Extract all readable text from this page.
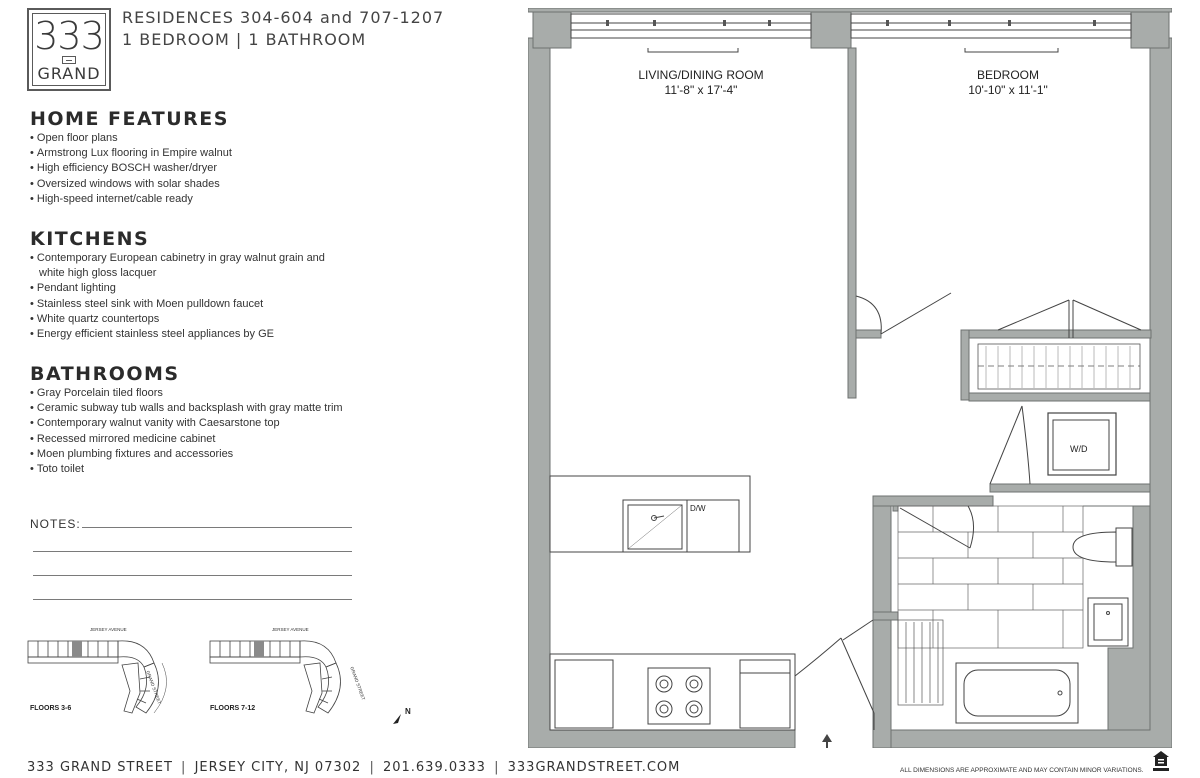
333
GRAND
RESIDENCES 304-604 and 707-1207
1 BEDROOM | 1 BATHROOM
HOME FEATURES
• Open floor plans
• Armstrong Lux flooring in Empire walnut
• High efficiency BOSCH washer/dryer
• Oversized windows with solar shades
• High-speed internet/cable ready
KITCHENS
• Contemporary European cabinetry in gray walnut grain and
white high gloss lacquer
• Pendant lighting
• Stainless steel sink with Moen pulldown faucet
• White quartz countertops
• Energy efficient stainless steel appliances by GE
BATHROOMS
• Gray Porcelain tiled floors
• Ceramic subway tub walls and backsplash with gray matte trim
• Contemporary walnut vanity with Caesarstone top
• Recessed mirrored medicine cabinet
• Moen plumbing fixtures and accessories
• Toto toilet
NOTES:
JERSEY AVENUE
GRAND STREET
JERSEY AVENUE
GRAND STREET
FLOORS 3-6	FLOORS 7-12	N
LIVING/DINING ROOM
11'-8" x 17'-4"
BEDROOM
10'-10" x 11'-1"
W/D
D/W
333 GRAND STREET | JERSEY CITY, NJ 07302 | 201.639.0333 | 333GRANDSTREET.COM	ALL DIMENSIONS ARE APPROXIMATE AND MAY CONTAIN MINOR VARIATIONS.
